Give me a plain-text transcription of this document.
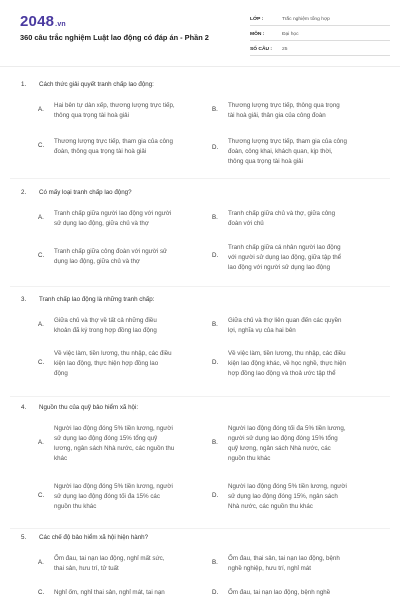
2048.vn
360 câu trắc nghiệm Luật lao động có đáp án - Phần 2
LỚP :	Trắc nghiệm tổng hợp
MÔN :	Đại học
SỐ CÂU :	25
1. Cách thức giải quyết tranh chấp lao động:
A.
Hai bên tự dàn xếp, thương lượng trực tiếp,
thông qua trọng tài hoà giải
B.
Thương lượng trực tiếp, thông qua trọng
tài hoà giải, thân gia của công đoàn
C.
Thương lượng trực tiếp, tham gia của công
đoàn, thông qua trọng tài hoà giải
D.
Thương lượng trực tiếp, tham gia của công
đoàn, công khai, khách quan, kịp thời,
thông qua trọng tài hoà giải
2. Có mấy loại tranh chấp lao động?
A.
Tranh chấp giữa người lao động với người
sử dụng lao động, giữa chủ và thợ
B.
Tranh chấp giữa chủ và thợ, giữa công
đoàn với chủ
C.
Tranh chấp giữa công đoàn với người sử
dụng lao động, giữa chủ và thợ
D.
Tranh chấp giữa cá nhân người lao động
với người sử dụng lao động, giữa tập thể
lao động với người sử dụng lao động
3. Tranh chấp lao động là những tranh chấp:
A.
Giữa chủ và thợ về tất cả những điều
khoản đã ký trong hợp đồng lao động
B.
Giữa chủ và thợ liên quan đến các quyền
lợi, nghĩa vụ của hai bên
C.
Về việc làm, tiền lương, thu nhập, các điều
kiện lao động, thực hiện hợp đồng lao
động
D.
Về việc làm, tiền lương, thu nhập, các điều
kiện lao động khác, về học nghề, thực hiện
hợp đồng lao động và thoả ước tập thể
4. Nguồn thu của quỹ bảo hiểm xã hội:
A.
Người lao động đóng 5% tiền lương, người
sử dụng lao động đóng 15% tổng quỹ
lương, ngân sách Nhà nước, các nguồn thu
khác
B.
Người lao động đóng tối đa 5% tiền lương,
người sử dụng lao động đóng 15% tổng
quỹ lương, ngân sách Nhà nước, các
nguồn thu khác
C.
Người lao động đóng 5% tiền lương, người
sử dụng lao động đóng tối đa 15% các
nguồn thu khác
D.
Người lao động đóng 5% tiền lương, người
sử dụng lao động đóng 15%, ngân sách
Nhà nước, các nguồn thu khác
5. Các chế độ bảo hiểm xã hội hiện hành?
A.
Ốm đau, tai nạn lao động, nghỉ mất sức,
thai sản, hưu trí, tử tuất
B.
Ốm đau, thai sản, tai nạn lao động, bệnh
nghề nghiệp, hưu trí, nghỉ mát
C. Nghỉ ốm, nghỉ thai sản, nghỉ mát, tai nạn	D. Ốm đau, tai nạn lao động, bệnh nghề
